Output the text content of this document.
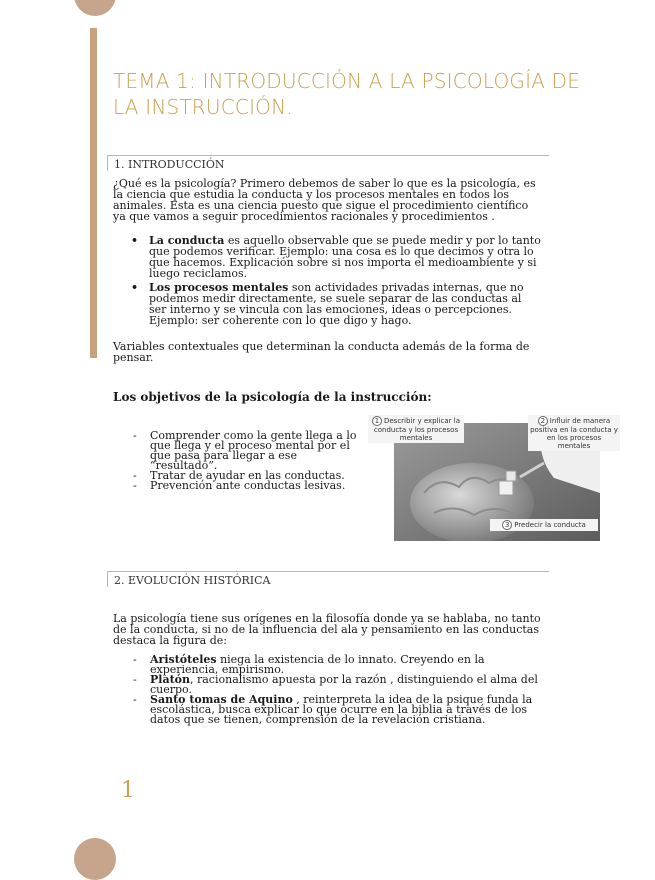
TEMA 1: INTRODUCCIÓN A LA PSICOLOGÍA DE LA INSTRUCCIÓN.
1. INTRODUCCIÓN

¿Qué es la psicología? Primero debemos de saber lo que es la psicología, es la ciencia que estudia la conducta y los procesos mentales en todos los animales. Esta es una ciencia puesto que sigue el procedimiento científico ya que vamos a seguir procedimientos racionales y procedimientos .

• La conducta es aquello observable que se puede medir y por lo tanto que podemos verificar. Ejemplo: una cosa es lo que decimos y otra lo que hacemos. Explicación sobre si nos importa el medioambiente y si luego reciclamos.
• Los procesos mentales son actividades privadas internas, que no podemos medir directamente, se suele separar de las conductas al ser interno y se vincula con las emociones, ideas o percepciones. Ejemplo: ser coherente con lo que digo y hago.

Variables contextuales que determinan la conducta además de la forma de pensar.

Los objetivos de la psicología de la instrucción:
- Comprender como la gente llega a lo que llega y el proceso mental por el que pasa para llegar a ese “resultado”.
- Tratar de ayudar en las conductas.
- Prevención ante conductas lesivas.
1 Describir y explicar la conducta y los procesos mentales
2 Influir de manera positiva en la conducta y en los procesos mentales
3 Predecir la conducta
2. EVOLUCIÓN HISTÓRICA

La psicología tiene sus orígenes en la filosofía donde ya se hablaba, no tanto de la conducta, si no de la influencia del ala y pensamiento en las conductas destaca la figura de:

- Aristóteles niega la existencia de lo innato. Creyendo en la experiencia, empirismo.
- Platón, racionalismo apuesta por la razón , distinguiendo el alma del cuerpo.
- Santo tomas de Aquino , reinterpreta la idea de la psique funda la escolástica, busca explicar lo que ocurre en la biblia a través de los datos que se tienen, comprensión de la revelación cristiana.
1
